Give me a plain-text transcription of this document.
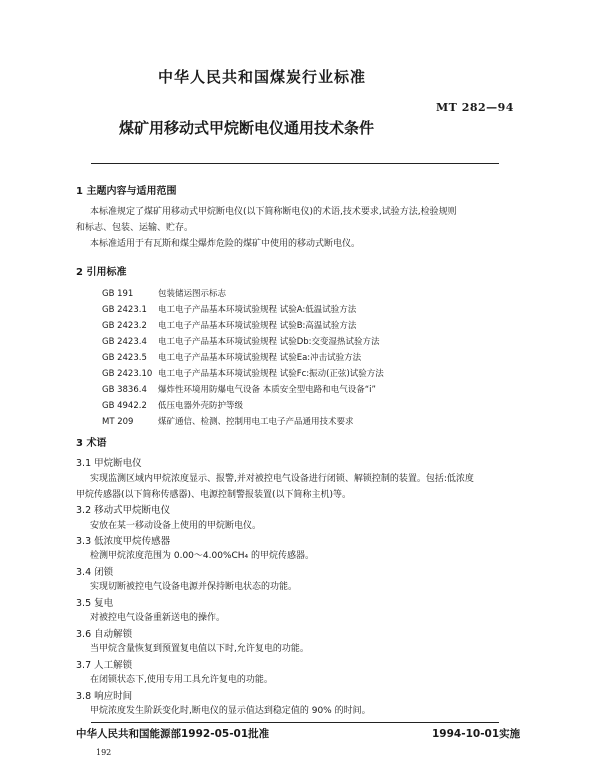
中华人民共和国煤炭行业标准
MT 282—94
煤矿用移动式甲烷断电仪通用技术条件
1 主题内容与适用范围
本标准规定了煤矿用移动式甲烷断电仪(以下简称断电仪)的术语,技术要求,试验方法,检验规则
和标志、包装、运输、贮存。
本标准适用于有瓦斯和煤尘爆炸危险的煤矿中使用的移动式断电仪。
2 引用标准
GB 191	包装储运图示标志
GB 2423.1 电工电子产品基本环境试验规程 试验A:低温试验方法
GB 2423.2 电工电子产品基本环境试验规程 试验B:高温试验方法
GB 2423.4 电工电子产品基本环境试验规程 试验Db:交变湿热试验方法
GB 2423.5 电工电子产品基本环境试验规程 试验Ea:冲击试验方法
GB 2423.10 电工电子产品基本环境试验规程 试验Fc:振动(正弦)试验方法
GB 3836.4 爆炸性环境用防爆电气设备 本质安全型电路和电气设备“i”
GB 4942.2 低压电器外壳防护等级
MT 209	煤矿通信、检测、控制用电工电子产品通用技术要求
3 术语
3.1 甲烷断电仪
实现监测区域内甲烷浓度显示、报警,并对被控电气设备进行闭锁、解锁控制的装置。包括:低浓度
甲烷传感器(以下简称传感器)、电源控制警报装置(以下简称主机)等。
3.2 移动式甲烷断电仪
安放在某一移动设备上使用的甲烷断电仪。
3.3 低浓度甲烷传感器
检测甲烷浓度范围为 0.00～4.00%CH₄ 的甲烷传感器。
3.4 闭锁
实现切断被控电气设备电源并保持断电状态的功能。
3.5 复电
对被控电气设备重新送电的操作。
3.6 自动解锁
当甲烷含量恢复到预置复电值以下时,允许复电的功能。
3.7 人工解锁
在闭锁状态下,使用专用工具允许复电的功能。
3.8 响应时间
甲烷浓度发生阶跃变化时,断电仪的显示值达到稳定值的 90% 的时间。
中华人民共和国能源部1992-05-01批准	1994-10-01实施
192
